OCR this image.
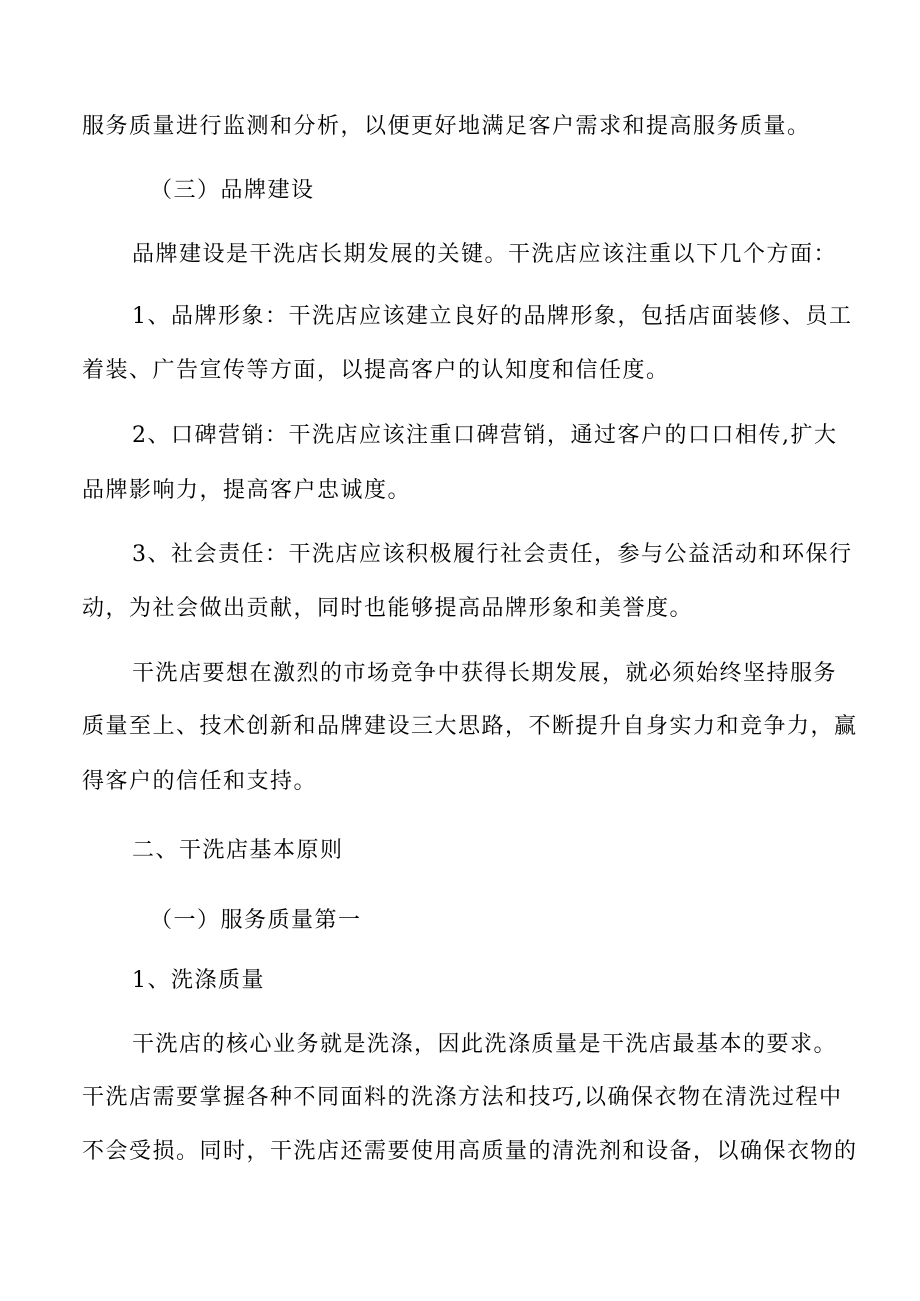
服务质量进行监测和分析，以便更好地满足客户需求和提高服务质量。
（三）品牌建设
品牌建设是干洗店长期发展的关键。干洗店应该注重以下几个方面：
1、品牌形象：干洗店应该建立良好的品牌形象，包括店面装修、员工
着装、广告宣传等方面，以提高客户的认知度和信任度。
2、口碑营销：干洗店应该注重口碑营销，通过客户的口口相传,扩大
品牌影响力，提高客户忠诚度。
3、社会责任：干洗店应该积极履行社会责任，参与公益活动和环保行
动，为社会做出贡献，同时也能够提高品牌形象和美誉度。
干洗店要想在激烈的市场竞争中获得长期发展，就必须始终坚持服务
质量至上、技术创新和品牌建设三大思路，不断提升自身实力和竞争力，赢
得客户的信任和支持。
二、干洗店基本原则
（一）服务质量第一
1、洗涤质量
干洗店的核心业务就是洗涤，因此洗涤质量是干洗店最基本的要求。
干洗店需要掌握各种不同面料的洗涤方法和技巧,以确保衣物在清洗过程中
不会受损。同时，干洗店还需要使用高质量的清洗剂和设备，以确保衣物的
